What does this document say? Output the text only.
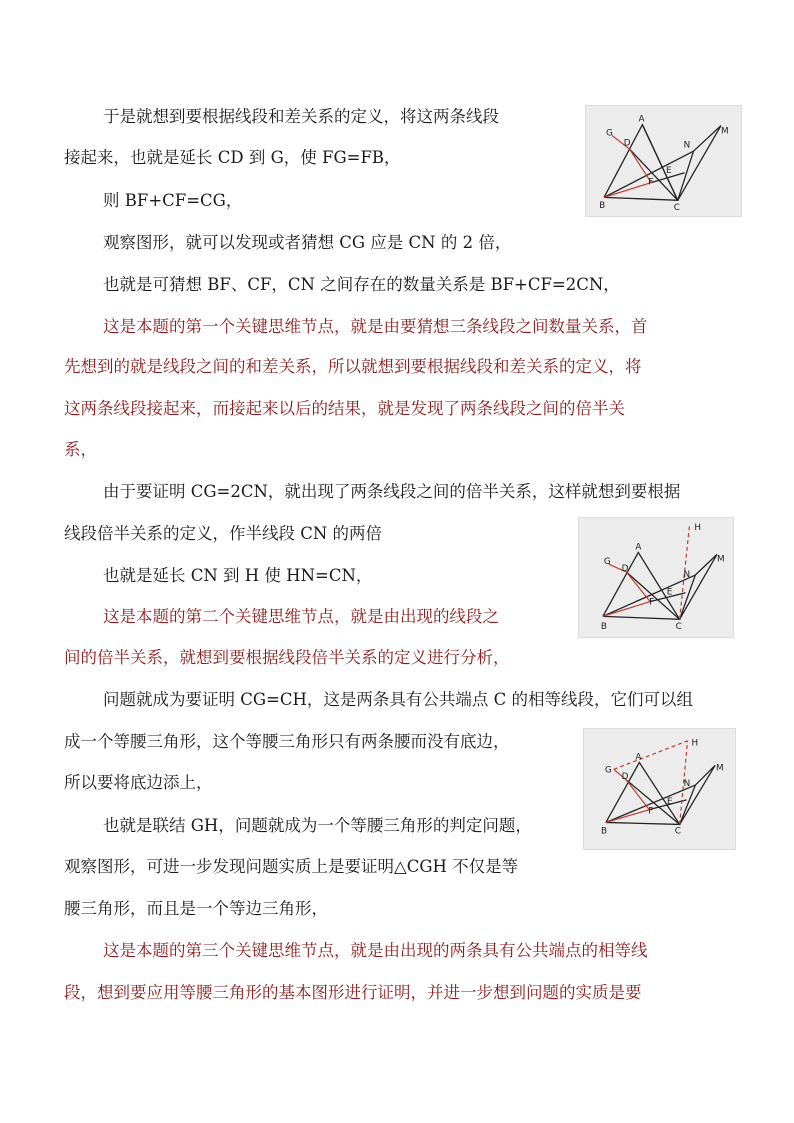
于是就想到要根据线段和差关系的定义，将这两条线段
接起来，也就是延长 CD 到 G，使 FG=FB，
则 BF+CF=CG，
观察图形，就可以发现或者猜想 CG 应是 CN 的 2 倍，
也就是可猜想 BF、CF，CN 之间存在的数量关系是 BF+CF=2CN，
这是本题的第一个关键思维节点，就是由要猜想三条线段之间数量关系，首
先想到的就是线段之间的和差关系，所以就想到要根据线段和差关系的定义，将
这两条线段接起来，而接起来以后的结果，就是发现了两条线段之间的倍半关
系，
由于要证明 CG=2CN，就出现了两条线段之间的倍半关系，这样就想到要根据
线段倍半关系的定义，作半线段 CN 的两倍
也就是延长 CN 到 H 使 HN=CN，
这是本题的第二个关键思维节点，就是由出现的线段之
间的倍半关系，就想到要根据线段倍半关系的定义进行分析，
问题就成为要证明 CG=CH，这是两条具有公共端点 C 的相等线段，它们可以组
成一个等腰三角形，这个等腰三角形只有两条腰而没有底边，
所以要将底边添上，
也就是联结 GH，问题就成为一个等腰三角形的判定问题，
观察图形，可进一步发现问题实质上是要证明△CGH 不仅是等
腰三角形，而且是一个等边三角形，
这是本题的第三个关键思维节点，就是由出现的两条具有公共端点的相等线
段，想到要应用等腰三角形的基本图形进行证明，并进一步想到问题的实质是要
A
B	C
D
E
F
G	M
N
A
B	C
D
E
F
G
H
M
N
A
B	C
D
E
F
G
H
M
N
